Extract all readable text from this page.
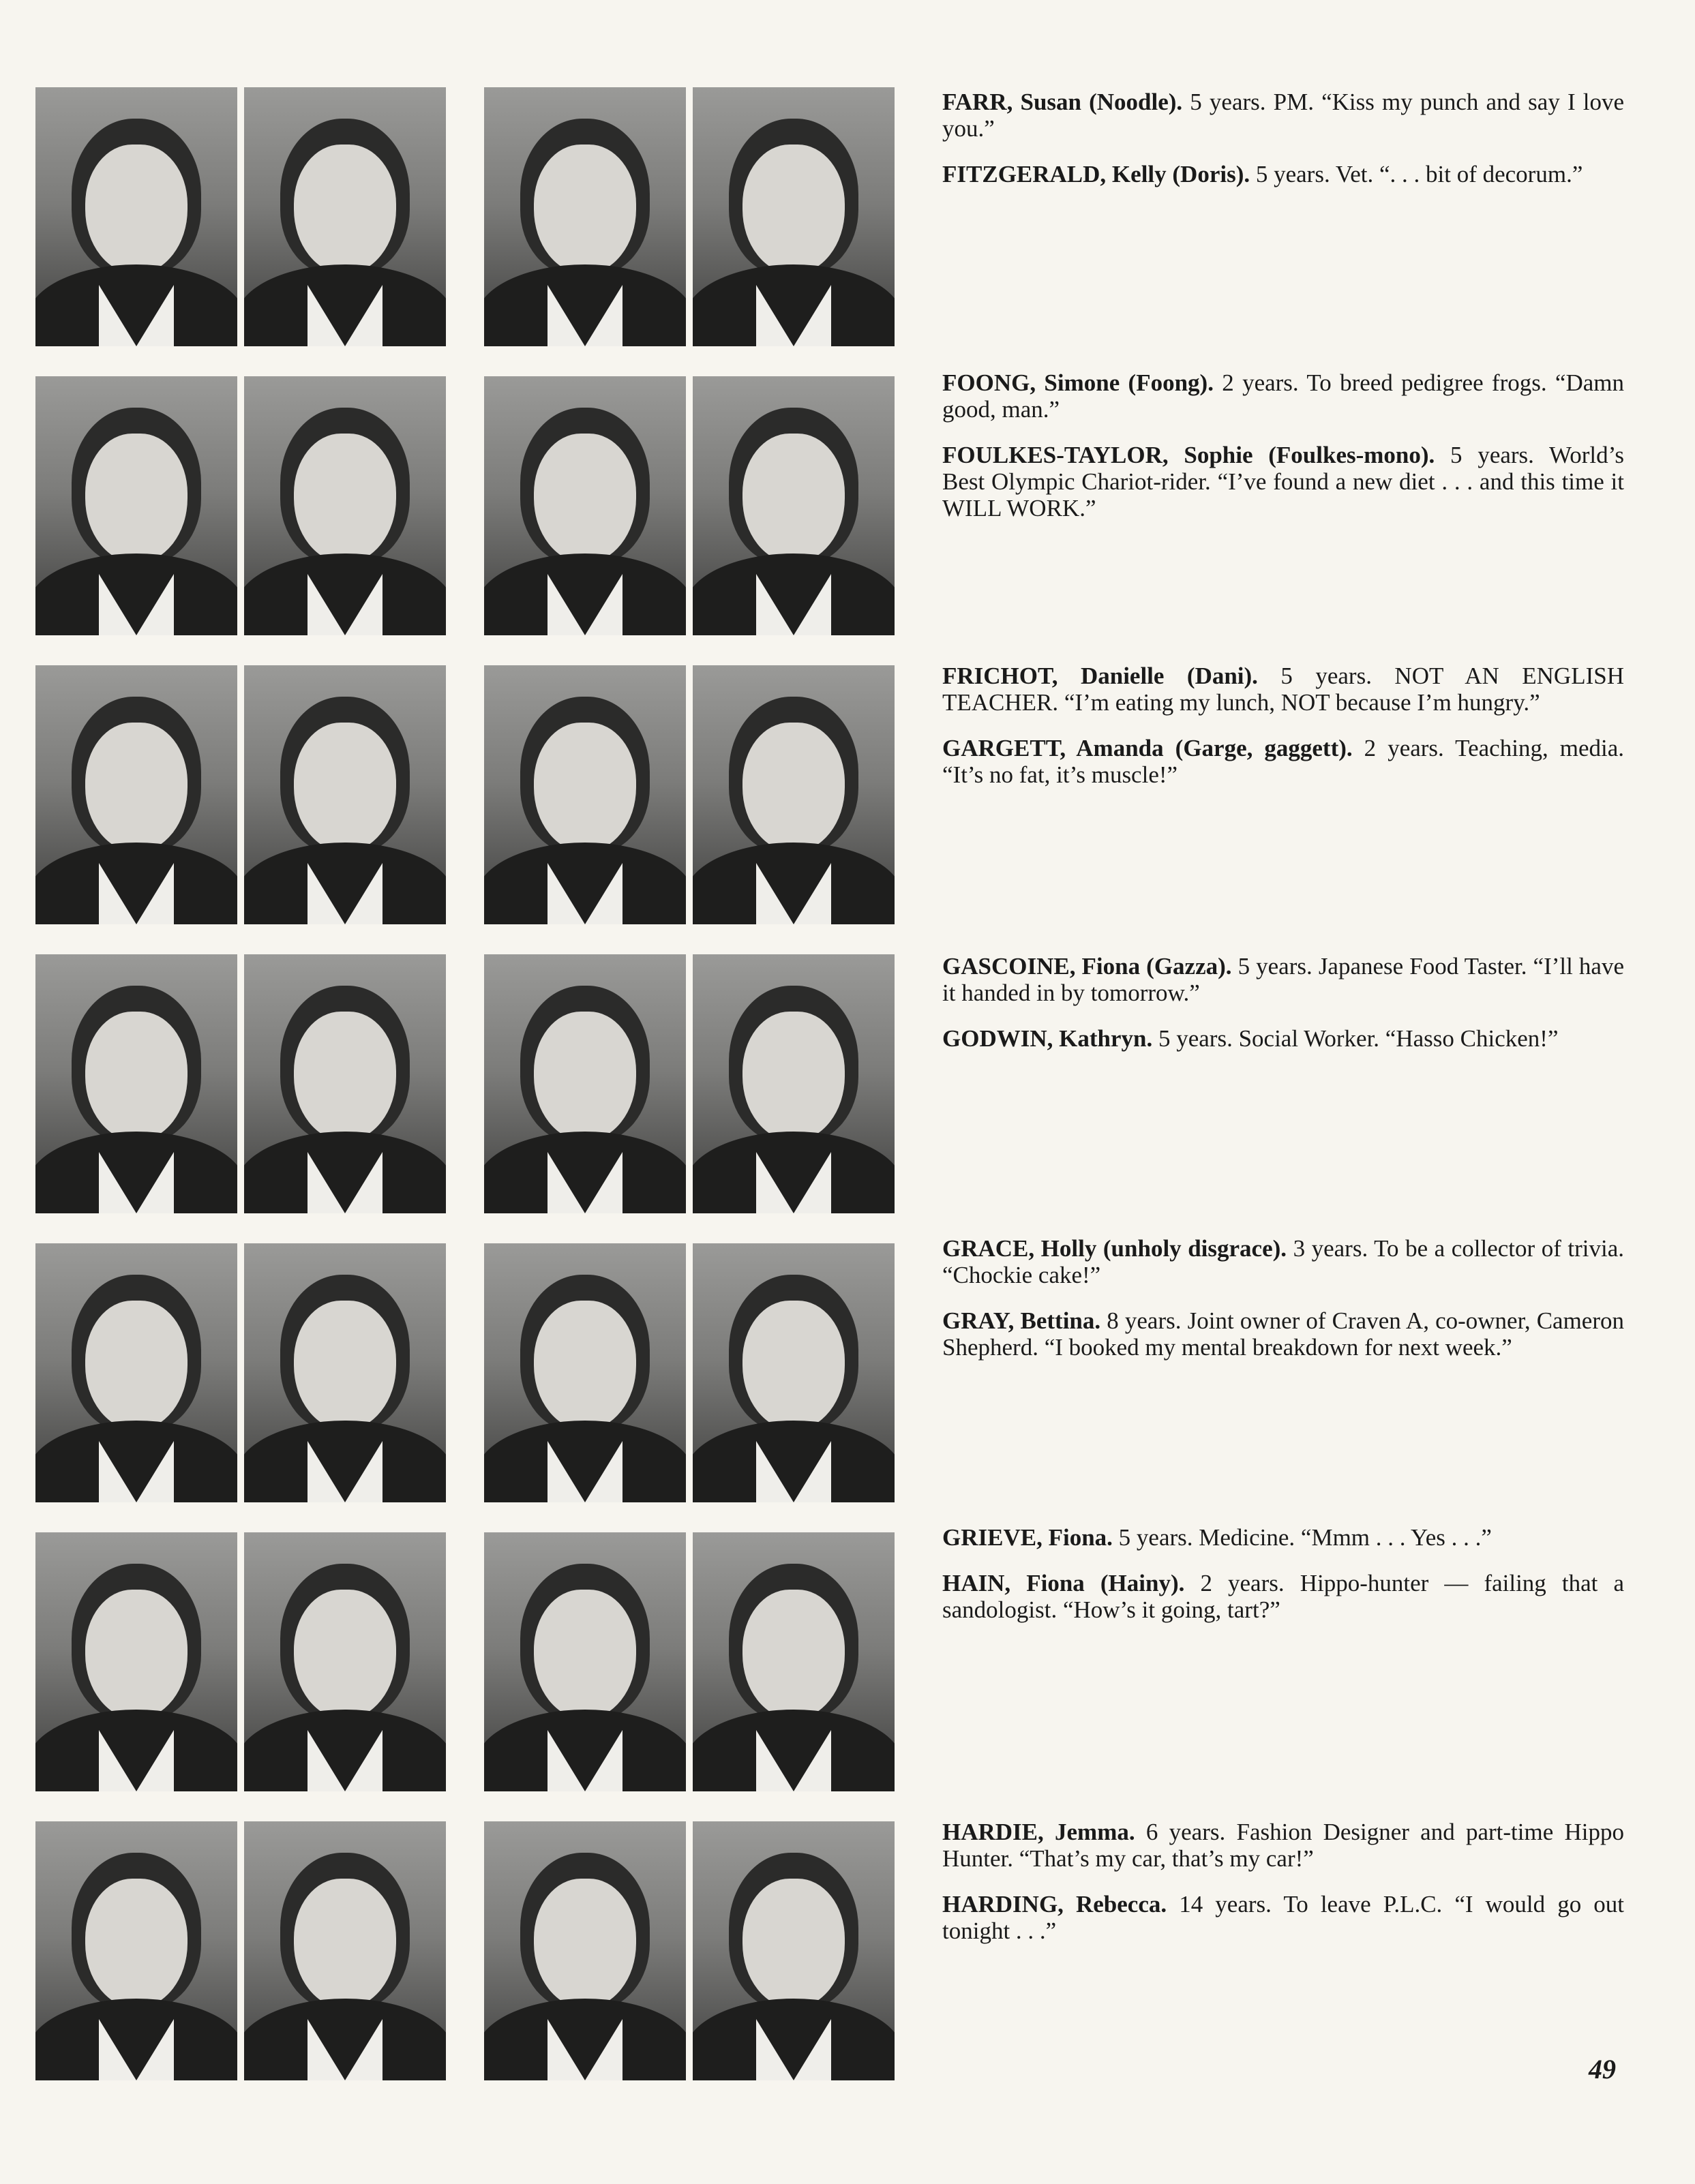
FARR, Susan (Noodle). 5 years. PM. “Kiss my punch and say I love you.”

FITZGERALD, Kelly (Doris). 5 years. Vet. “. . . bit of decorum.”

FOONG, Simone (Foong). 2 years. To breed pedigree frogs. “Damn good, man.”

FOULKES-TAYLOR, Sophie (Foulkes-mono). 5 years. World’s Best Olympic Chariot-rider. “I’ve found a new diet . . . and this time it WILL WORK.”

FRICHOT, Danielle (Dani). 5 years. NOT AN ENGLISH TEACHER. “I’m eating my lunch, NOT because I’m hungry.”

GARGETT, Amanda (Garge, gaggett). 2 years. Teaching, media. “It’s no fat, it’s muscle!”

GASCOINE, Fiona (Gazza). 5 years. Japanese Food Taster. “I’ll have it handed in by tomorrow.”

GODWIN, Kathryn. 5 years. Social Worker. “Hasso Chicken!”

GRACE, Holly (unholy disgrace). 3 years. To be a collector of trivia. “Chockie cake!”

GRAY, Bettina. 8 years. Joint owner of Craven A, co-owner, Cameron Shepherd. “I booked my mental breakdown for next week.”

GRIEVE, Fiona. 5 years. Medicine. “Mmm . . . Yes . . .”

HAIN, Fiona (Hainy). 2 years. Hippo-hunter — failing that a sandologist. “How’s it going, tart?”

HARDIE, Jemma. 6 years. Fashion Designer and part-time Hippo Hunter. “That’s my car, that’s my car!”

HARDING, Rebecca. 14 years. To leave P.L.C. “I would go out tonight . . .”

49
